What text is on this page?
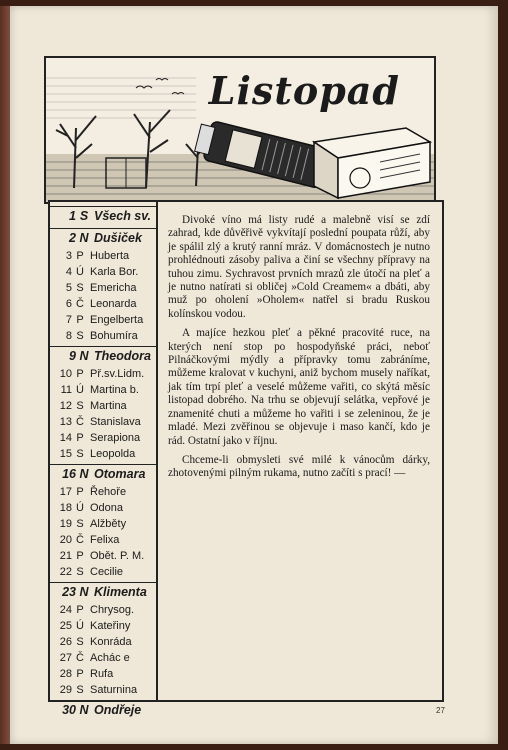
Listopad
1 S Všech sv.
2 N Dušiček
3 P Huberta
4 Ú Karla Bor.
5 S Emericha
6 Č Leonarda
7 P Engelberta
8 S Bohumíra
9 N Theodora
10 P Př.sv.Lidm.
11 Ú Martina b.
12 S Martina
13 Č Stanislava
14 P Serapiona
15 S Leopolda
16 N Otomara
17 P Řehoře
18 Ú Odona
19 S Alžběty
20 Č Felixa
21 P Obět. P. M.
22 S Cecilie
23 N Klimenta
24 P Chrysog.
25 Ú Kateřiny
26 S Konráda
27 Č Achác e
28 P Rufa
29 S Saturnina
30 N Ondřeje

Divoké víno má listy rudé a malebně visí se zdí zahrad, kde důvěřivě vykvítají poslední poupata růží, aby je spálil zlý a krutý ranní mráz. V domácnostech je nutno prohlédnouti zásoby paliva a činí se všechny přípravy na tuhou zimu. Sychravost prvních mrazů zle útočí na pleť a je nutno natírati si obličej »Cold Creamem« a dbáti, aby muž po oholení »Oholem« natřel si bradu Ruskou kolínskou vodou.

A majíce hezkou pleť a pěkné pracovité ruce, na kterých není stop po hospodyňské práci, neboť Pilnáčkovými mýdly a přípravky tomu zabráníme, můžeme kralovat v kuchyni, aniž bychom musely naříkat, jak tím trpí pleť a veselé můžeme vařiti, co skýtá měsíc listopad dobrého. Na trhu se objevují selátka, vepřové je znamenité chuti a můžeme ho vařiti i se zeleninou, že je mladé. Mezi zvěřinou se objevuje i maso kančí, kdo je rád. Ostatní jako v říjnu.

Chceme-li obmysleti své milé k vánocům dárky, zhotovenými pilným rukama, nutno začíti s prací! —

27
